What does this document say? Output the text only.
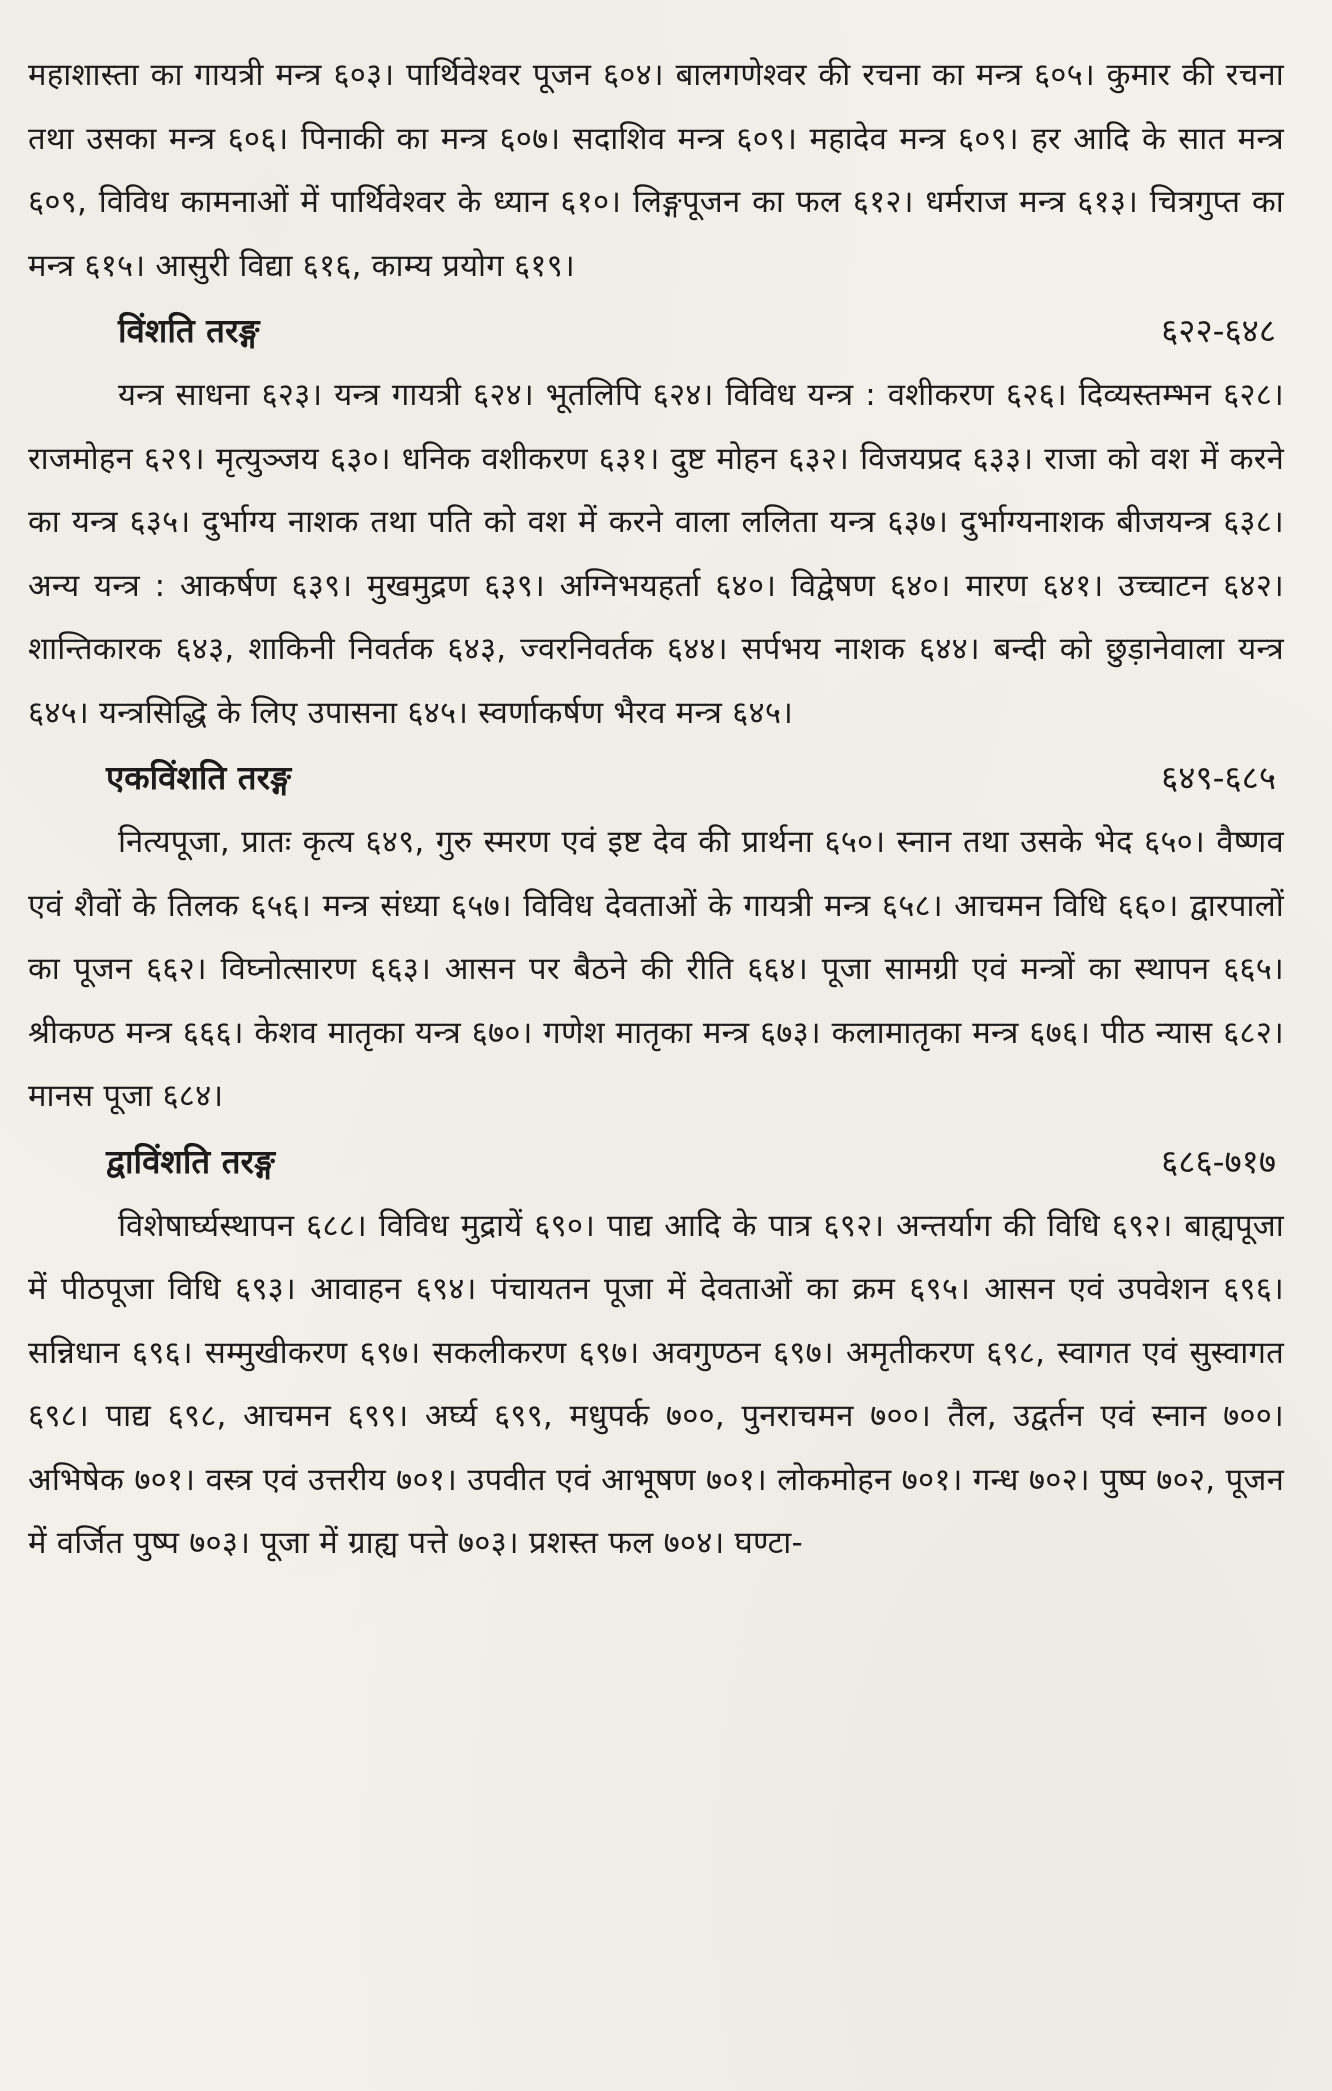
महाशास्ता का गायत्री मन्त्र ६०३। पार्थिवेश्वर पूजन ६०४। बालगणेश्वर की रचना का मन्त्र ६०५। कुमार की रचना तथा उसका मन्त्र ६०६। पिनाकी का मन्त्र ६०७। सदाशिव मन्त्र ६०९। महादेव मन्त्र ६०९। हर आदि के सात मन्त्र ६०९, विविध कामनाओं में पार्थिवेश्वर के ध्यान ६१०। लिङ्गपूजन का फल ६१२। धर्मराज मन्त्र ६१३। चित्रगुप्त का मन्त्र ६१५। आसुरी विद्या ६१६, काम्य प्रयोग ६१९।

विंशति तरङ्ग	६२२-६४८

यन्त्र साधना ६२३। यन्त्र गायत्री ६२४। भूतलिपि ६२४। विविध यन्त्र : वशीकरण ६२६। दिव्यस्तम्भन ६२८। राजमोहन ६२९। मृत्युञ्जय ६३०। धनिक वशीकरण ६३१। दुष्ट मोहन ६३२। विजयप्रद ६३३। राजा को वश में करने का यन्त्र ६३५। दुर्भाग्य नाशक तथा पति को वश में करने वाला ललिता यन्त्र ६३७। दुर्भाग्यनाशक बीजयन्त्र ६३८। अन्य यन्त्र : आकर्षण ६३९। मुखमुद्रण ६३९। अग्निभयहर्ता ६४०। विद्वेषण ६४०। मारण ६४१। उच्चाटन ६४२। शान्तिकारक ६४३, शाकिनी निवर्तक ६४३, ज्वरनिवर्तक ६४४। सर्पभय नाशक ६४४। बन्दी को छुड़ानेवाला यन्त्र ६४५। यन्त्रसिद्धि के लिए उपासना ६४५। स्वर्णाकर्षण भैरव मन्त्र ६४५।

एकविंशति तरङ्ग	६४९-६८५

नित्यपूजा, प्रातः कृत्य ६४९, गुरु स्मरण एवं इष्ट देव की प्रार्थना ६५०। स्नान तथा उसके भेद ६५०। वैष्णव एवं शैवों के तिलक ६५६। मन्त्र संध्या ६५७। विविध देवताओं के गायत्री मन्त्र ६५८। आचमन विधि ६६०। द्वारपालों का पूजन ६६२। विघ्नोत्सारण ६६३। आसन पर बैठने की रीति ६६४। पूजा सामग्री एवं मन्त्रों का स्थापन ६६५। श्रीकण्ठ मन्त्र ६६६। केशव मातृका यन्त्र ६७०। गणेश मातृका मन्त्र ६७३। कलामातृका मन्त्र ६७६। पीठ न्यास ६८२। मानस पूजा ६८४।

द्वाविंशति तरङ्ग	६८६-७१७

विशेषार्घ्यस्थापन ६८८। विविध मुद्रायें ६९०। पाद्य आदि के पात्र ६९२। अन्तर्याग की विधि ६९२। बाह्यपूजा में पीठपूजा विधि ६९३। आवाहन ६९४। पंचायतन पूजा में देवताओं का क्रम ६९५। आसन एवं उपवेशन ६९६। सन्निधान ६९६। सम्मुखीकरण ६९७। सकलीकरण ६९७। अवगुण्ठन ६९७। अमृतीकरण ६९८, स्वागत एवं सुस्वागत ६९८। पाद्य ६९८, आचमन ६९९। अर्घ्य ६९९, मधुपर्क ७००, पुनराचमन ७००। तैल, उद्वर्तन एवं स्नान ७००। अभिषेक ७०१। वस्त्र एवं उत्तरीय ७०१। उपवीत एवं आभूषण ७०१। लोकमोहन ७०१। गन्ध ७०२। पुष्प ७०२, पूजन में वर्जित पुष्प ७०३। पूजा में ग्राह्य पत्ते ७०३। प्रशस्त फल ७०४। घण्टा-
